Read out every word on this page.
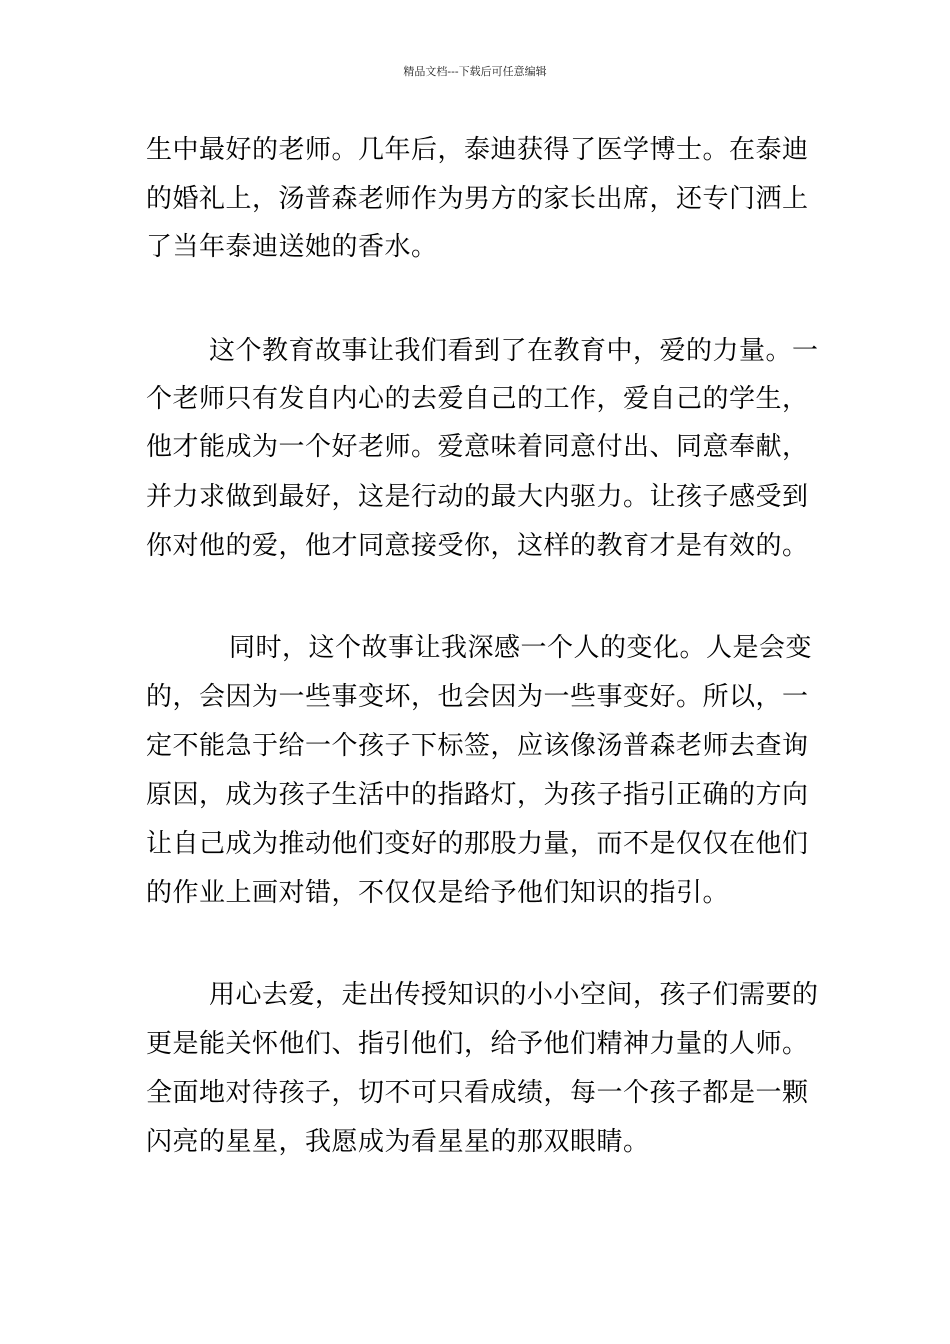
精品文档---下载后可任意编辑
生中最好的老师。几年后，泰迪获得了医学博士。在泰迪
的婚礼上，汤普森老师作为男方的家长出席，还专门洒上
了当年泰迪送她的香水。
这个教育故事让我们看到了在教育中，爱的力量。一
个老师只有发自内心的去爱自己的工作，爱自己的学生，
他才能成为一个好老师。爱意味着同意付出、同意奉献，
并力求做到最好，这是行动的最大内驱力。让孩子感受到
你对他的爱，他才同意接受你，这样的教育才是有效的。
同时，这个故事让我深感一个人的变化。人是会变
的，会因为一些事变坏，也会因为一些事变好。所以，一
定不能急于给一个孩子下标签，应该像汤普森老师去查询
原因，成为孩子生活中的指路灯，为孩子指引正确的方向
让自己成为推动他们变好的那股力量，而不是仅仅在他们
的作业上画对错，不仅仅是给予他们知识的指引。
用心去爱，走出传授知识的小小空间，孩子们需要的
更是能关怀他们、指引他们，给予他们精神力量的人师。
全面地对待孩子，切不可只看成绩，每一个孩子都是一颗
闪亮的星星，我愿成为看星星的那双眼睛。
